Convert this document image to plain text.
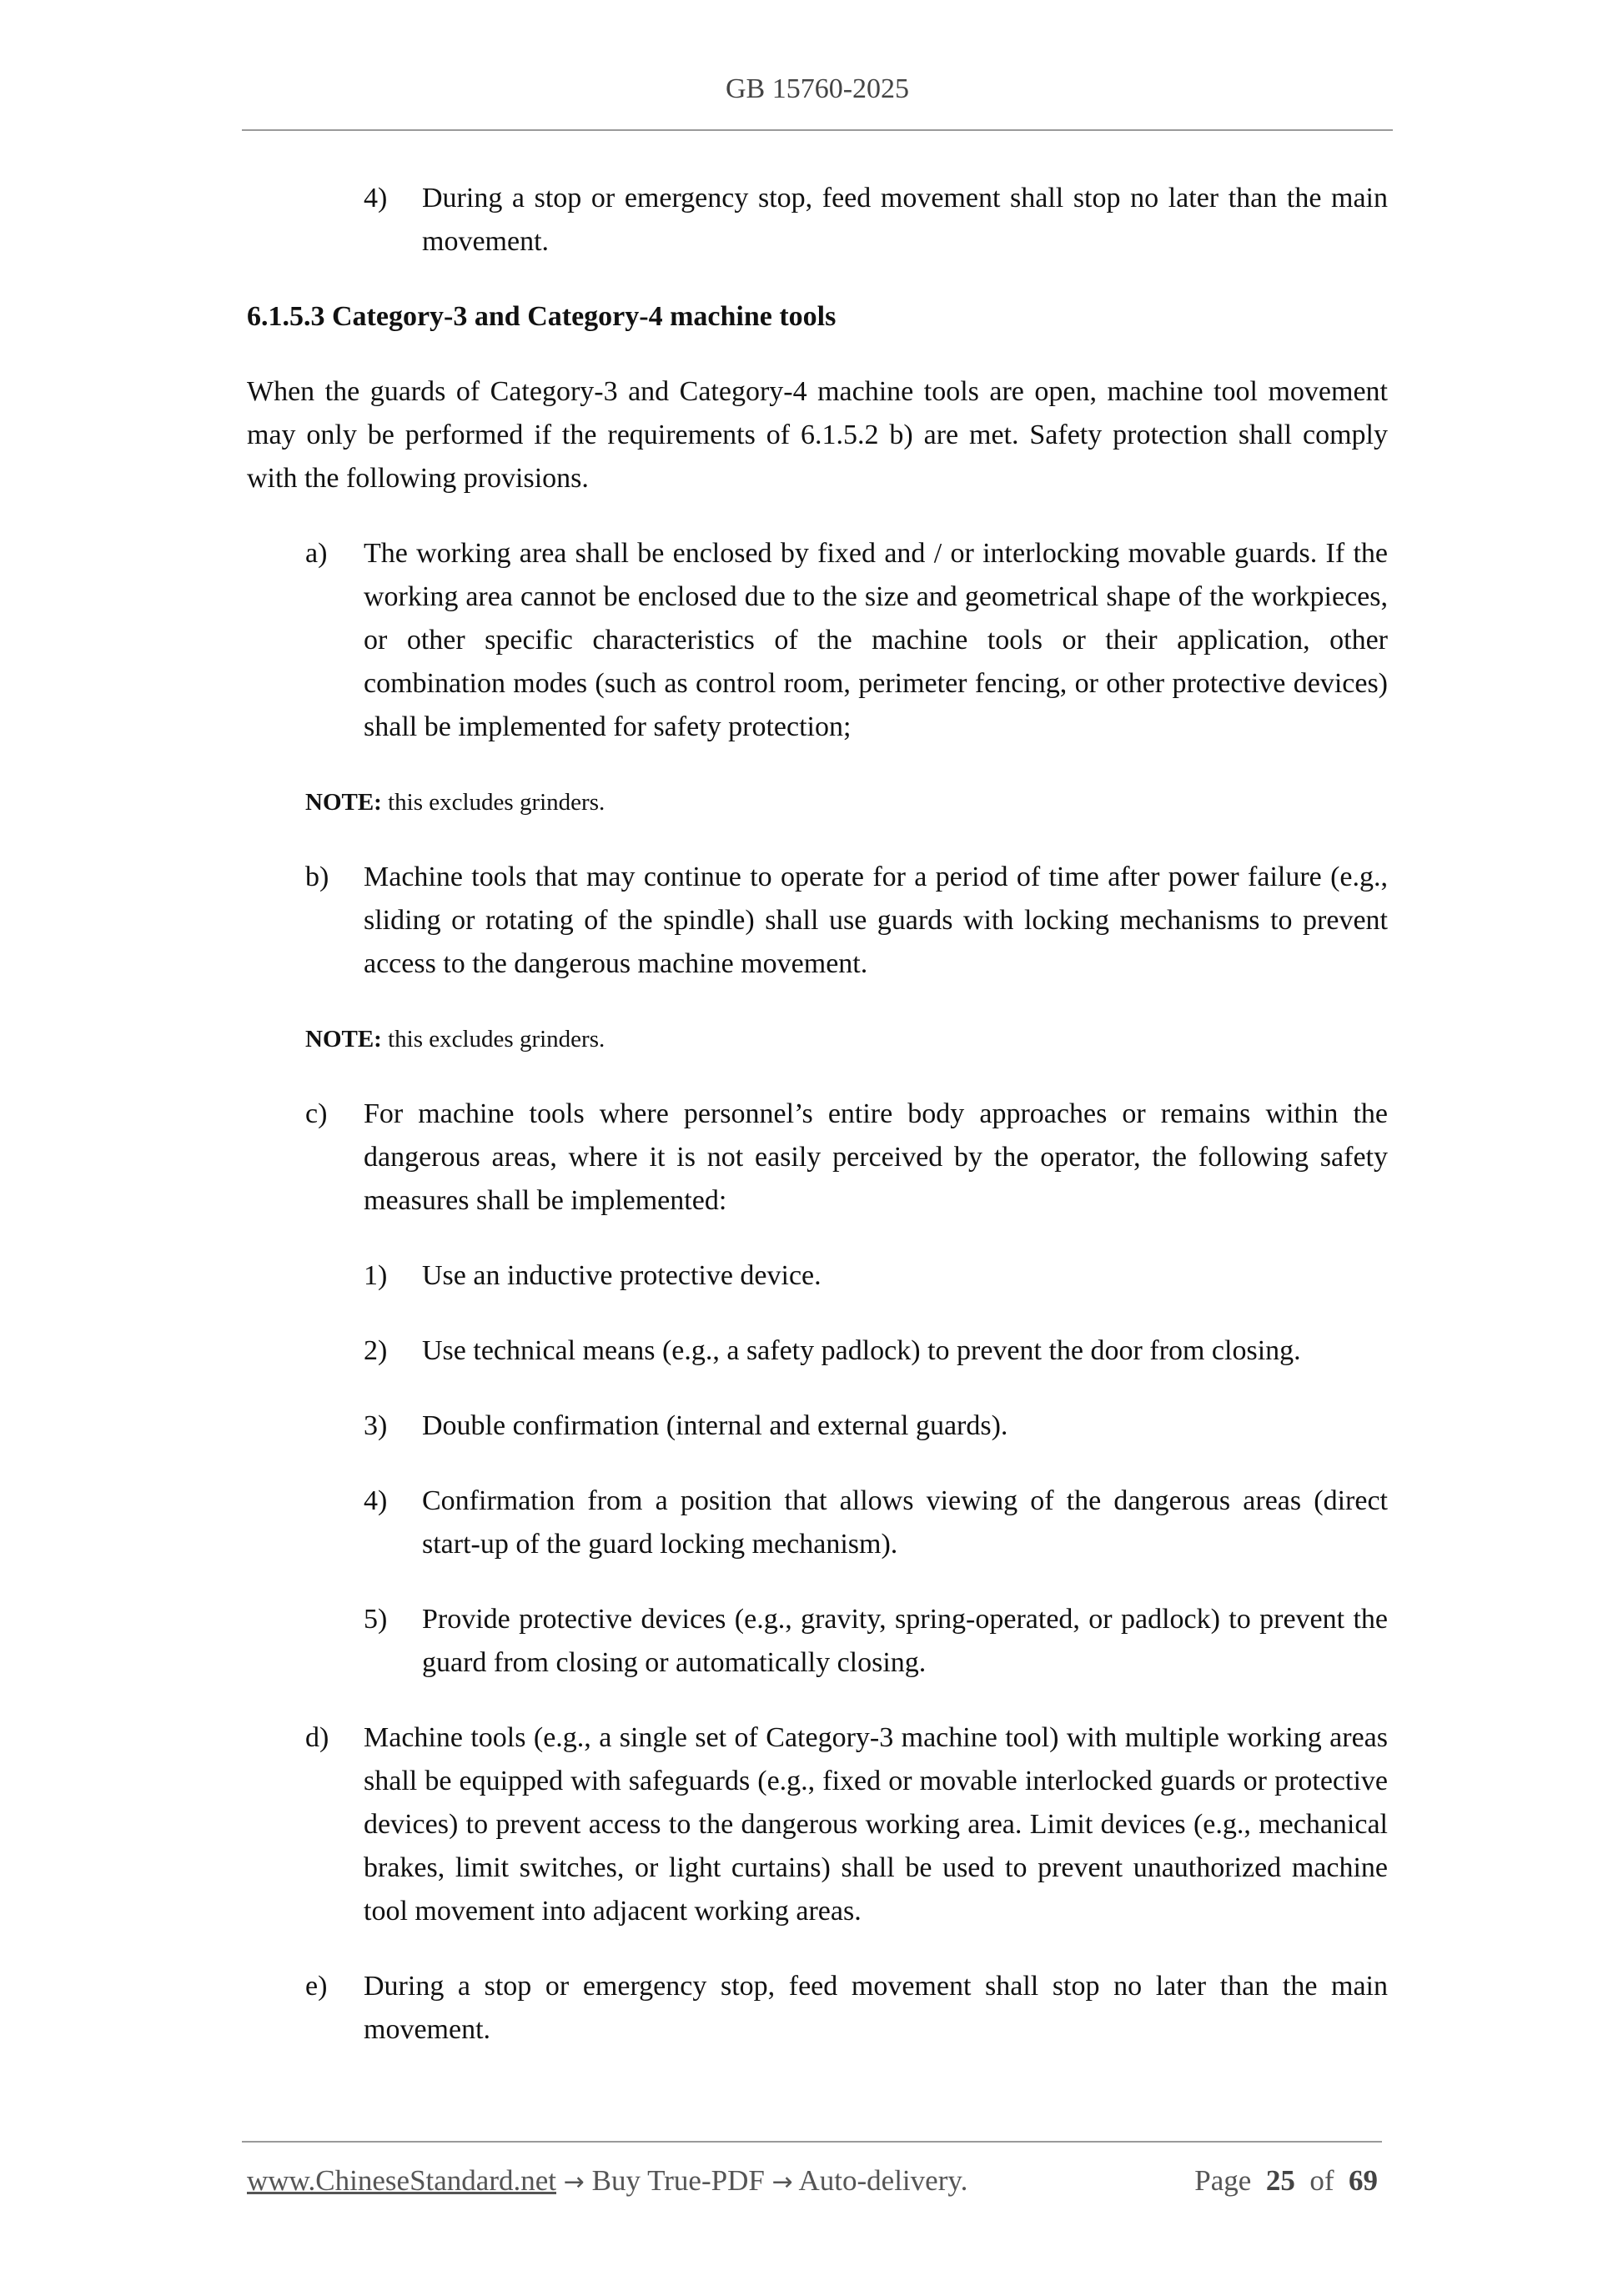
GB 15760-2025
4) During a stop or emergency stop, feed movement shall stop no later than the main movement.
6.1.5.3 Category-3 and Category-4 machine tools
When the guards of Category-3 and Category-4 machine tools are open, machine tool movement may only be performed if the requirements of 6.1.5.2 b) are met. Safety protection shall comply with the following provisions.
a) The working area shall be enclosed by fixed and / or interlocking movable guards. If the working area cannot be enclosed due to the size and geometrical shape of the workpieces, or other specific characteristics of the machine tools or their application, other combination modes (such as control room, perimeter fencing, or other protective devices) shall be implemented for safety protection;
NOTE: this excludes grinders.
b) Machine tools that may continue to operate for a period of time after power failure (e.g., sliding or rotating of the spindle) shall use guards with locking mechanisms to prevent access to the dangerous machine movement.
NOTE: this excludes grinders.
c) For machine tools where personnel’s entire body approaches or remains within the dangerous areas, where it is not easily perceived by the operator, the following safety measures shall be implemented:
1) Use an inductive protective device.
2) Use technical means (e.g., a safety padlock) to prevent the door from closing.
3) Double confirmation (internal and external guards).
4) Confirmation from a position that allows viewing of the dangerous areas (direct start-up of the guard locking mechanism).
5) Provide protective devices (e.g., gravity, spring-operated, or padlock) to prevent the guard from closing or automatically closing.
d) Machine tools (e.g., a single set of Category-3 machine tool) with multiple working areas shall be equipped with safeguards (e.g., fixed or movable interlocked guards or protective devices) to prevent access to the dangerous working area. Limit devices (e.g., mechanical brakes, limit switches, or light curtains) shall be used to prevent unauthorized machine tool movement into adjacent working areas.
e) During a stop or emergency stop, feed movement shall stop no later than the main movement.
www.ChineseStandard.net → Buy True-PDF → Auto-delivery.	Page 25 of 69
